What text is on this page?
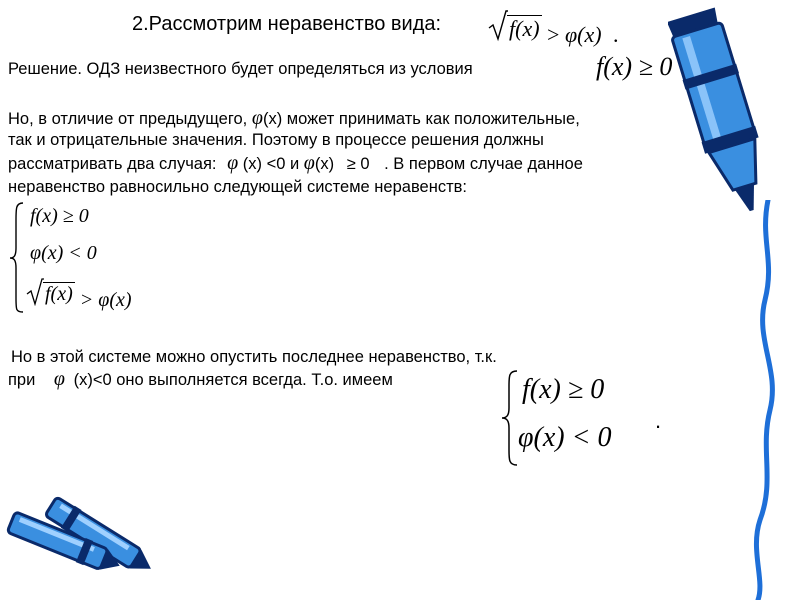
2.Рассмотрим неравенство вида:	f(x) > φ(x) .
Решение. ОДЗ неизвестного будет определяться из условия	f(x) ≥ 0
Но, в отличие от предыдущего, φ(x) может принимать как положительные,
так и отрицательные значения. Поэтому в процессе решения должны
рассматривать два случая: φ (x) <0 и φ(x) ≥ 0 . В первом случае данное
неравенство равносильно следующей системе неравенств:
f(x) ≥ 0
φ(x) < 0
f(x) > φ(x)
Но в этой системе можно опустить последнее неравенство, т.к.
при φ (x)<0 оно выполняется всегда. Т.о. имеем	f(x) ≥ 0
φ(x) < 0
.
